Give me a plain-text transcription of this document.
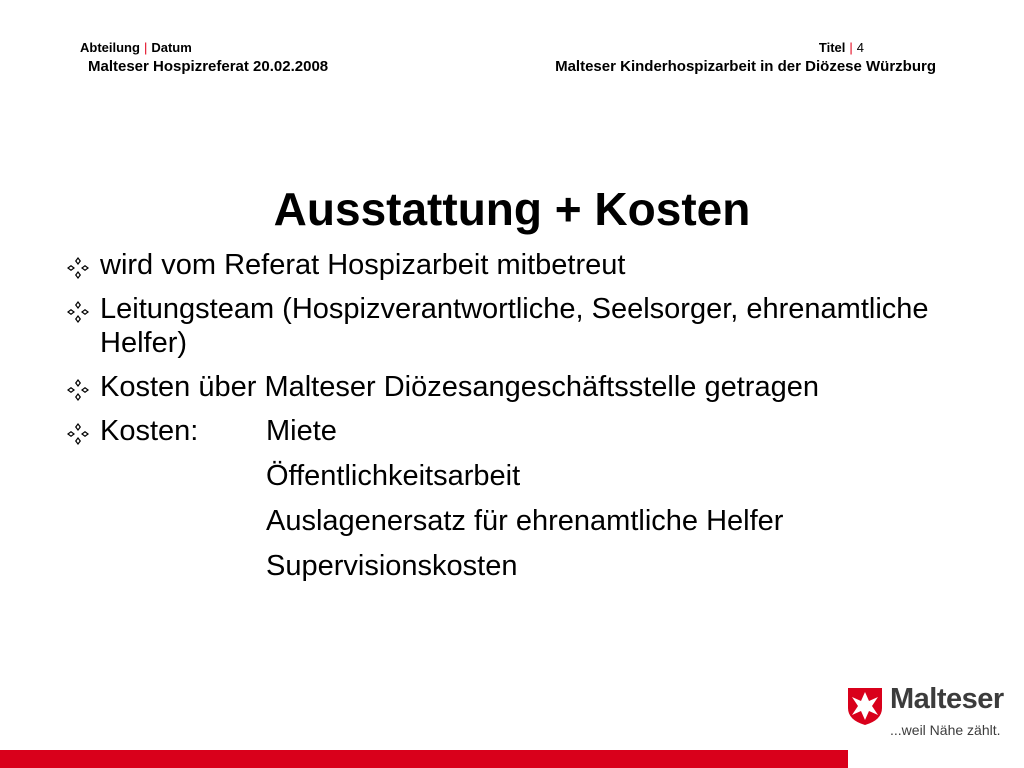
Abteilung | Datum
Malteser Hospizreferat 20.02.2008
Titel | 4
Malteser Kinderhospizarbeit in der Diözese Würzburg
Ausstattung + Kosten
wird vom Referat Hospizarbeit mitbetreut
Leitungsteam (Hospizverantwortliche, Seelsorger, ehrenamtliche Helfer)
Kosten über Malteser Diözesangeschäftsstelle getragen
Kosten:	Miete
Öffentlichkeitsarbeit
Auslagenersatz für ehrenamtliche Helfer
Supervisionskosten
Malteser
...weil Nähe zählt.
